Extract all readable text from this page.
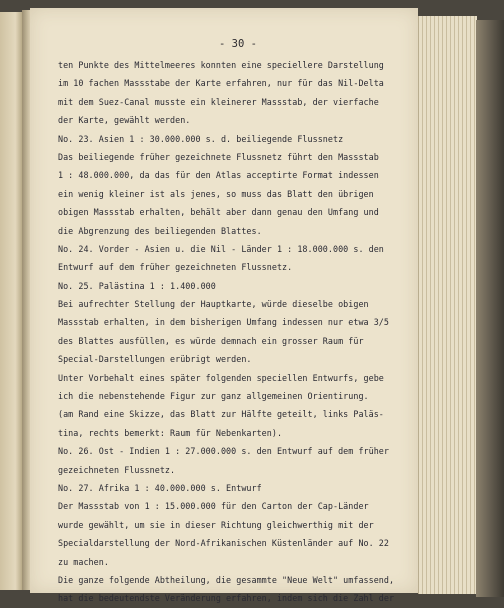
- 30 -
ten Punkte des Mittelmeeres konnten eine speciellere Darstellung
im 10 fachen Massstabe der Karte erfahren, nur für das Nil-Delta
mit dem Suez-Canal musste ein kleinerer Massstab, der vierfache
der Karte, gewählt werden.
No. 23. Asien 1 : 30.000.000 s. d. beiliegende Flussnetz
Das beiliegende früher gezeichnete Flussnetz führt den Massstab
1 : 48.000.000, da das für den Atlas acceptirte Format indessen
ein wenig kleiner ist als jenes, so muss das Blatt den übrigen
obigen Massstab erhalten, behält aber dann genau den Umfang und
die Abgrenzung des beiliegenden Blattes.
No. 24. Vorder - Asien u. die Nil - Länder 1 : 18.000.000 s. den
Entwurf auf dem früher gezeichneten Flussnetz.
No. 25. Palästina 1 : 1.400.000
Bei aufrechter Stellung der Hauptkarte, würde dieselbe obigen
Massstab erhalten, in dem bisherigen Umfang indessen nur etwa 3/5
des Blattes ausfüllen, es würde demnach ein grosser Raum für
Special-Darstellungen erübrigt werden.
Unter Vorbehalt eines später folgenden speciellen Entwurfs, gebe
ich die nebenstehende Figur zur ganz allgemeinen Orientirung.
(am Rand eine Skizze, das Blatt zur Hälfte geteilt, links Paläs-
tina, rechts bemerkt: Raum für Nebenkarten).
No. 26. Ost - Indien 1 : 27.000.000 s. den Entwurf auf dem früher
gezeichneten Flussnetz.
No. 27. Afrika 1 : 40.000.000 s. Entwurf
Der Massstab von 1 : 15.000.000 für den Carton der Cap-Länder
wurde gewählt, um sie in dieser Richtung gleichwerthig mit der
Specialdarstellung der Nord-Afrikanischen Küstenländer auf No. 22
zu machen.
Die ganze folgende Abtheilung, die gesammte "Neue Welt" umfassend,
hat die bedeutendste Veränderung erfahren, indem sich die Zahl der
